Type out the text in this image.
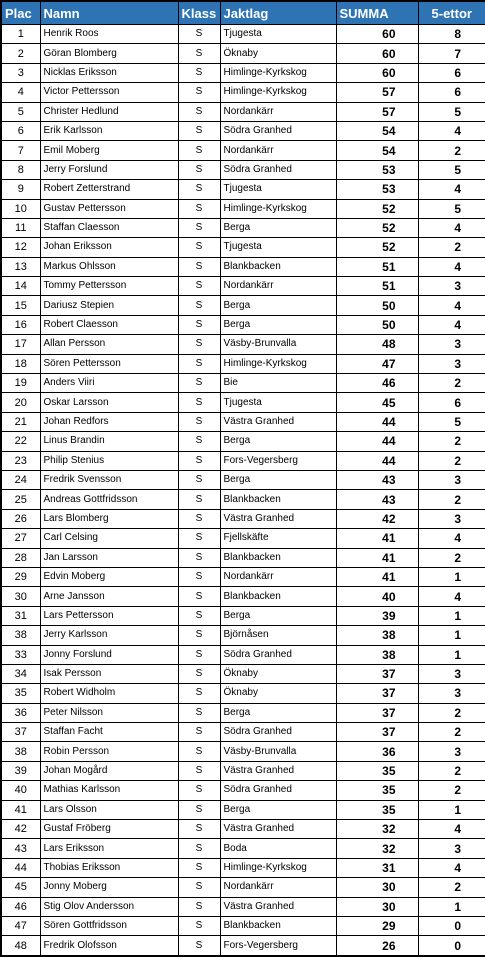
Plac	Namn	Klass	Jaktlag	SUMMA	5-ettor
1	Henrik Roos	S	Tjugesta	60	8
2	Göran Blomberg	S	Öknaby	60	7
3	Nicklas Eriksson	S	Himlinge-Kyrkskog	60	6
4	Victor Pettersson	S	Himlinge-Kyrkskog	57	6
5	Christer Hedlund	S	Nordankärr	57	5
6	Erik Karlsson	S	Södra Granhed	54	4
7	Emil Moberg	S	Nordankärr	54	2
8	Jerry Forslund	S	Södra Granhed	53	5
9	Robert Zetterstrand	S	Tjugesta	53	4
10	Gustav Pettersson	S	Himlinge-Kyrkskog	52	5
11	Staffan Claesson	S	Berga	52	4
12	Johan Eriksson	S	Tjugesta	52	2
13	Markus Ohlsson	S	Blankbacken	51	4
14	Tommy Pettersson	S	Nordankärr	51	3
15	Dariusz Stepien	S	Berga	50	4
16	Robert Claesson	S	Berga	50	4
17	Allan Persson	S	Väsby-Brunvalla	48	3
18	Sören Pettersson	S	Himlinge-Kyrkskog	47	3
19	Anders Viiri	S	Bie	46	2
20	Oskar Larsson	S	Tjugesta	45	6
21	Johan Redfors	S	Västra Granhed	44	5
22	Linus Brandin	S	Berga	44	2
23	Philip Stenius	S	Fors-Vegersberg	44	2
24	Fredrik Svensson	S	Berga	43	3
25	Andreas Gottfridsson	S	Blankbacken	43	2
26	Lars Blomberg	S	Västra Granhed	42	3
27	Carl Celsing	S	Fjellskäfte	41	4
28	Jan Larsson	S	Blankbacken	41	2
29	Edvin Moberg	S	Nordankärr	41	1
30	Arne Jansson	S	Blankbacken	40	4
31	Lars Pettersson	S	Berga	39	1
38	Jerry Karlsson	S	Björnåsen	38	1
33	Jonny Forslund	S	Södra Granhed	38	1
34	Isak Persson	S	Öknaby	37	3
35	Robert Widholm	S	Öknaby	37	3
36	Peter Nilsson	S	Berga	37	2
37	Staffan Facht	S	Södra Granhed	37	2
38	Robin Persson	S	Väsby-Brunvalla	36	3
39	Johan Mogård	S	Västra Granhed	35	2
40	Mathias Karlsson	S	Södra Granhed	35	2
41	Lars Olsson	S	Berga	35	1
42	Gustaf Fröberg	S	Västra Granhed	32	4
43	Lars Eriksson	S	Boda	32	3
44	Thobias Eriksson	S	Himlinge-Kyrkskog	31	4
45	Jonny Moberg	S	Nordankärr	30	2
46	Stig Olov Andersson	S	Västra Granhed	30	1
47	Sören Gottfridsson	S	Blankbacken	29	0
48	Fredrik Olofsson	S	Fors-Vegersberg	26	0
